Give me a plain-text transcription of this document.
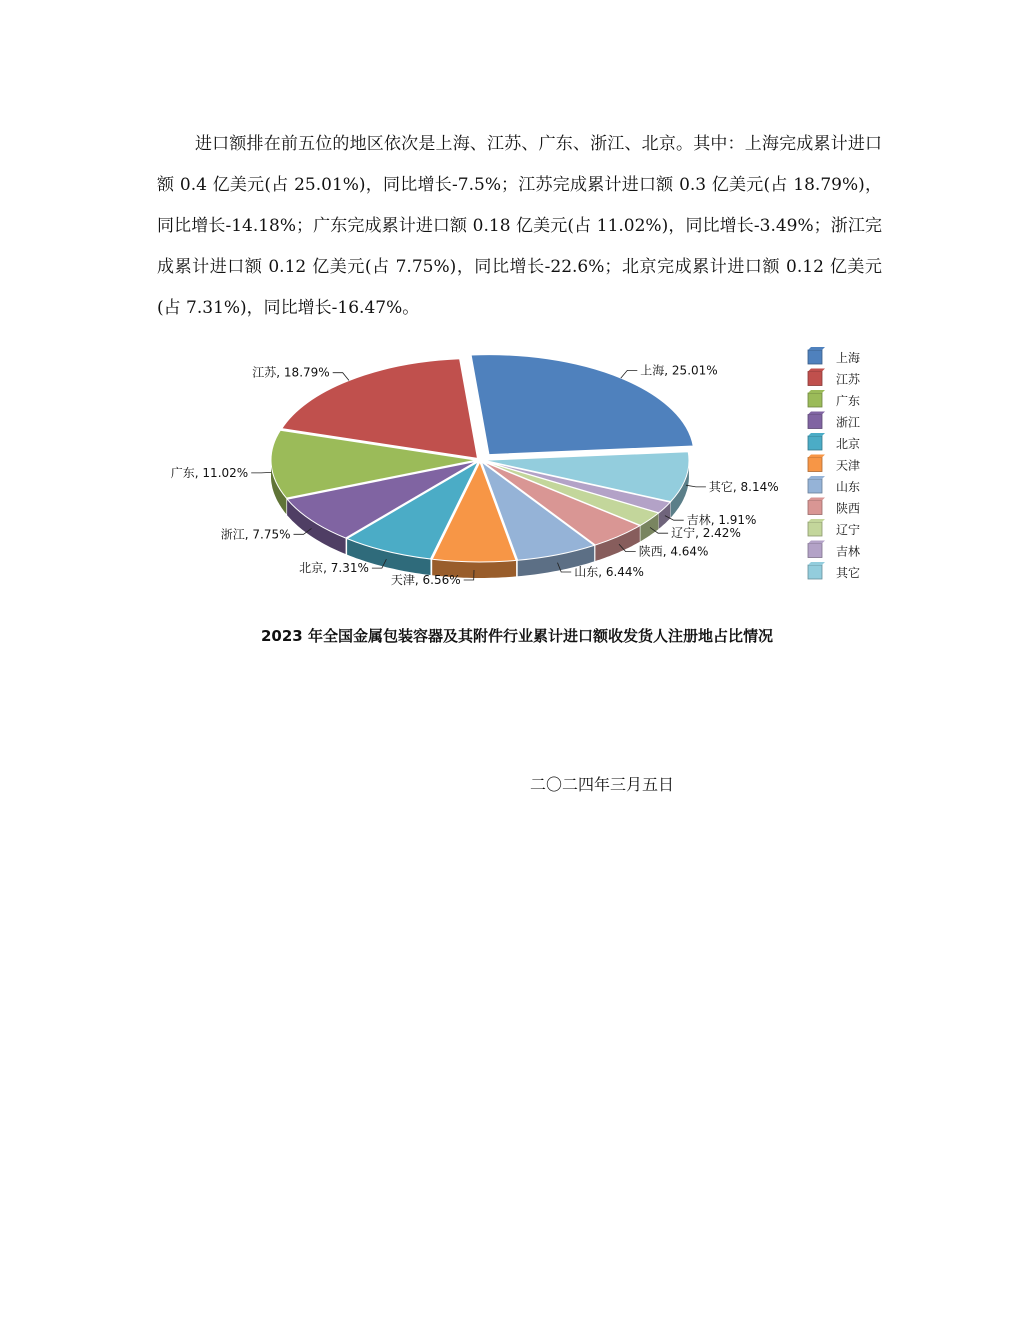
进口额排在前五位的地区依次是上海、江苏、广东、浙江、北京。其中：上海完成累计进口额 0.4 亿美元(占 25.01%)，同比增长-7.5%；江苏完成累计进口额 0.3 亿美元(占 18.79%)，同比增长-14.18%；广东完成累计进口额 0.18 亿美元(占 11.02%)，同比增长-3.49%；浙江完成累计进口额 0.12 亿美元(占 7.75%)，同比增长-22.6%；北京完成累计进口额 0.12 亿美元(占 7.31%)，同比增长-16.47%。

上海, 25.01%
其它, 8.14%
吉林, 1.91%
辽宁, 2.42%
陕西, 4.64%
山东, 6.44%
天津, 6.56%
北京, 7.31%
浙江, 7.75%
广东, 11.02%
江苏, 18.79%
上海
江苏
广东
浙江
北京
天津
山东
陕西
辽宁
吉林
其它

2023 年全国金属包装容器及其附件行业累计进口额收发货人注册地占比情况

二〇二四年三月五日
